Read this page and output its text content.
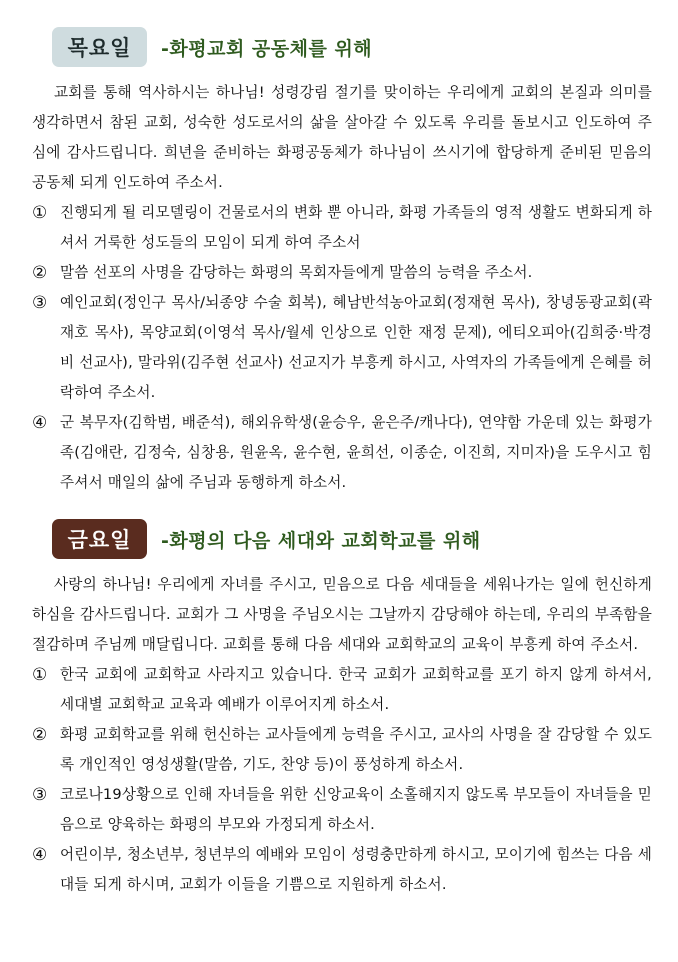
목요일	-화평교회 공동체를 위해

교회를 통해 역사하시는 하나님! 성령강림 절기를 맞이하는 우리에게 교회의 본질과 의미를 생각하면서 참된 교회, 성숙한 성도로서의 삶을 살아갈 수 있도록 우리를 돌보시고 인도하여 주심에 감사드립니다. 희년을 준비하는 화평공동체가 하나님이 쓰시기에 합당하게 준비된 믿음의 공동체 되게 인도하여 주소서.

① 진행되게 될 리모델링이 건물로서의 변화 뿐 아니라, 화평 가족들의 영적 생활도 변화되게 하셔서 거룩한 성도들의 모임이 되게 하여 주소서
② 말씀 선포의 사명을 감당하는 화평의 목회자들에게 말씀의 능력을 주소서.
③ 예인교회(정인구 목사/뇌종양 수술 회복), 혜남반석농아교회(정재현 목사), 창녕동광교회(곽재호 목사), 목양교회(이영석 목사/월세 인상으로 인한 재정 문제), 에티오피아(김희중·박경비 선교사), 말라위(김주현 선교사) 선교지가 부흥케 하시고, 사역자의 가족들에게 은혜를 허락하여 주소서.
④ 군 복무자(김학범, 배준석), 해외유학생(윤승우, 윤은주/캐나다), 연약함 가운데 있는 화평가족(김애란, 김정숙, 심창용, 원윤옥, 윤수현, 윤희선, 이종순, 이진희, 지미자)을 도우시고 힘주셔서 매일의 삶에 주님과 동행하게 하소서.
금요일	-화평의 다음 세대와 교회학교를 위해

사랑의 하나님! 우리에게 자녀를 주시고, 믿음으로 다음 세대들을 세워나가는 일에 헌신하게 하심을 감사드립니다. 교회가 그 사명을 주님오시는 그날까지 감당해야 하는데, 우리의 부족함을 절감하며 주님께 매달립니다. 교회를 통해 다음 세대와 교회학교의 교육이 부흥케 하여 주소서.

① 한국 교회에 교회학교 사라지고 있습니다. 한국 교회가 교회학교를 포기 하지 않게 하셔서, 세대별 교회학교 교육과 예배가 이루어지게 하소서.
② 화평 교회학교를 위해 헌신하는 교사들에게 능력을 주시고, 교사의 사명을 잘 감당할 수 있도록 개인적인 영성생활(말씀, 기도, 찬양 등)이 풍성하게 하소서.
③ 코로나19상황으로 인해 자녀들을 위한 신앙교육이 소홀해지지 않도록 부모들이 자녀들을 믿음으로 양육하는 화평의 부모와 가정되게 하소서.
④ 어린이부, 청소년부, 청년부의 예배와 모임이 성령충만하게 하시고, 모이기에 힘쓰는 다음 세대들 되게 하시며, 교회가 이들을 기쁨으로 지원하게 하소서.
